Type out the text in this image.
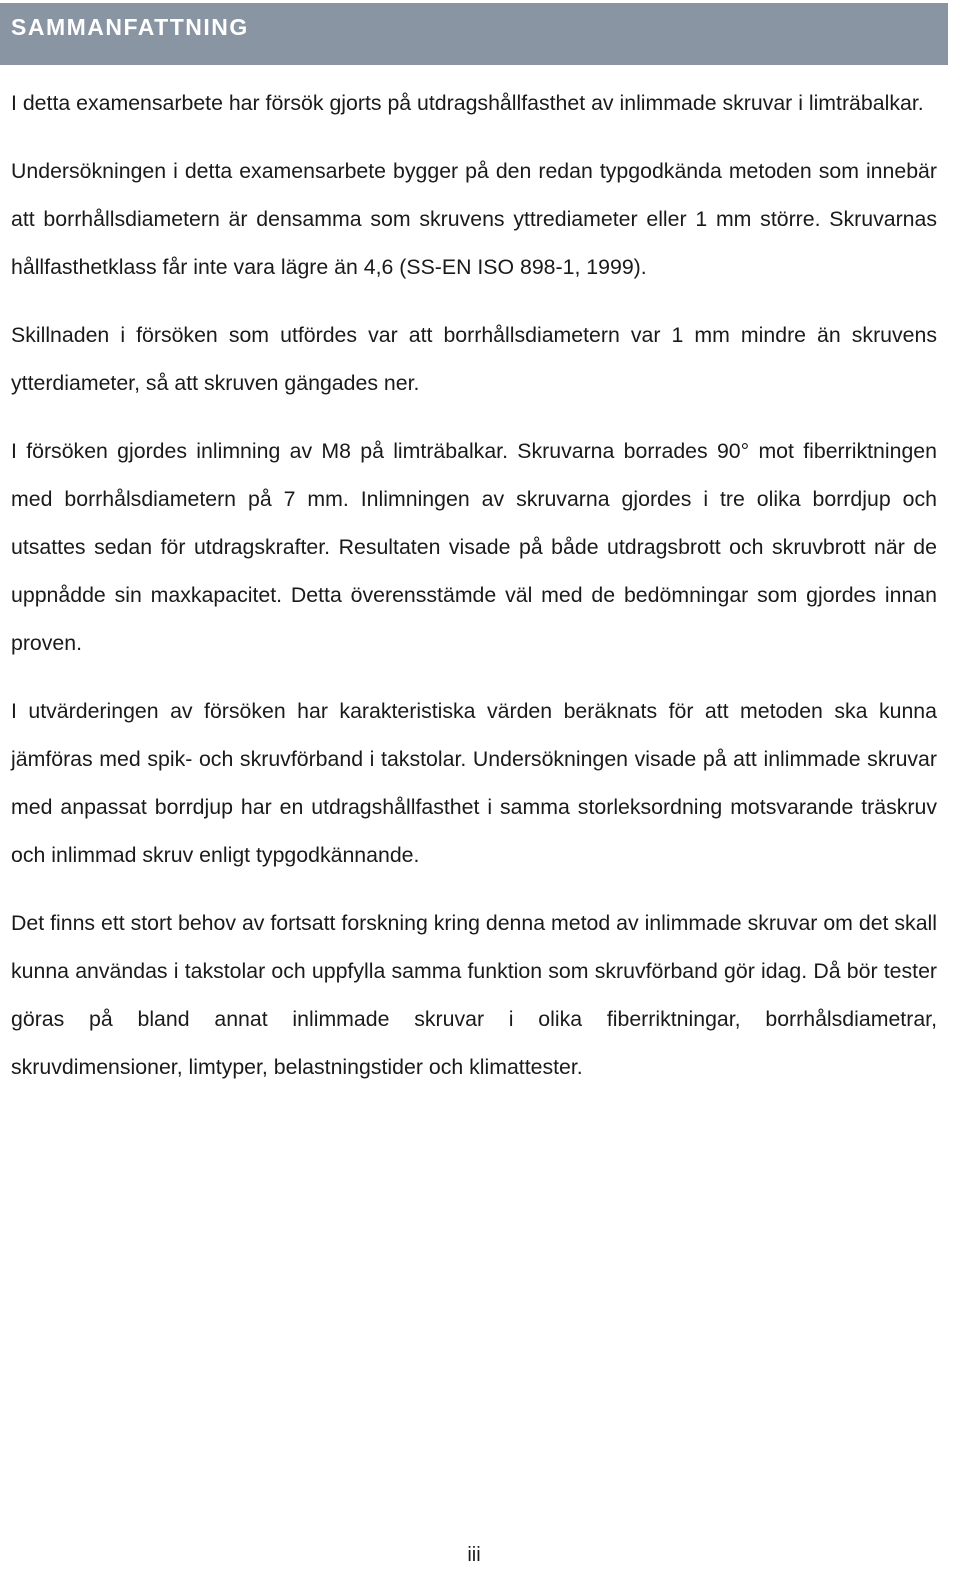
SAMMANFATTNING

I detta examensarbete har försök gjorts på utdragshållfasthet av inlimmade skruvar i limträbalkar.

Undersökningen i detta examensarbete bygger på den redan typgodkända metoden som innebär att borrhållsdiametern är densamma som skruvens yttrediameter eller 1 mm större. Skruvarnas hållfasthetklass får inte vara lägre än 4,6 (SS-EN ISO 898-1, 1999).

Skillnaden i försöken som utfördes var att borrhållsdiametern var 1 mm mindre än skruvens ytterdiameter, så att skruven gängades ner.

I försöken gjordes inlimning av M8 på limträbalkar. Skruvarna borrades 90° mot fiberriktningen med borrhålsdiametern på 7 mm. Inlimningen av skruvarna gjordes i tre olika borrdjup och utsattes sedan för utdragskrafter. Resultaten visade på både utdragsbrott och skruvbrott när de uppnådde sin maxkapacitet. Detta överensstämde väl med de bedömningar som gjordes innan proven.

I utvärderingen av försöken har karakteristiska värden beräknats för att metoden ska kunna jämföras med spik- och skruvförband i takstolar. Undersökningen visade på att inlimmade skruvar med anpassat borrdjup har en utdragshållfasthet i samma storleksordning motsvarande träskruv och inlimmad skruv enligt typgodkännande.

Det finns ett stort behov av fortsatt forskning kring denna metod av inlimmade skruvar om det skall kunna användas i takstolar och uppfylla samma funktion som skruvförband gör idag. Då bör tester göras på bland annat inlimmade skruvar i olika fiberriktningar, borrhålsdiametrar, skruvdimensioner, limtyper, belastningstider och klimattester.

iii
